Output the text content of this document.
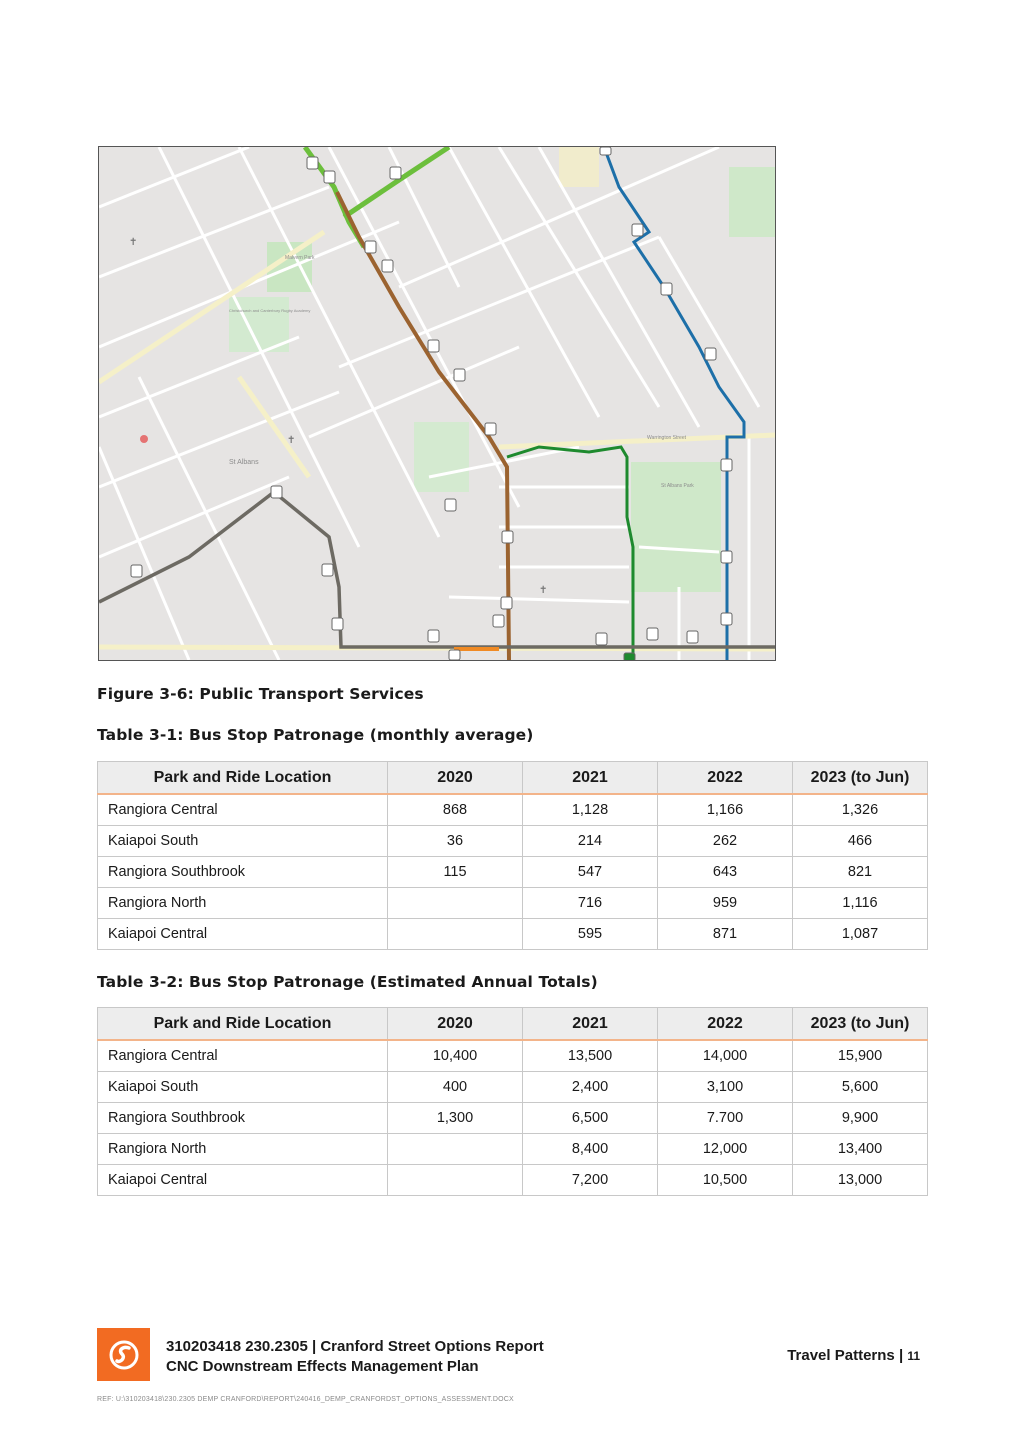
Malvern Park
Christchurch and Canterbury Rugby Academy
St Albans
St Albans Park
Warrington Street
✝
✝
✝
Figure 3-6: Public Transport Services
Table 3-1: Bus Stop Patronage (monthly average)
Park and Ride Location	2020	2021	2022	2023 (to Jun)
Rangiora Central	868	1,128	1,166	1,326
Kaiapoi South	36	214	262	466
Rangiora Southbrook	115	547	643	821
Rangiora North		716	959	1,116
Kaiapoi Central		595	871	1,087
Table 3-2: Bus Stop Patronage (Estimated Annual Totals)
Park and Ride Location	2020	2021	2022	2023 (to Jun)
Rangiora Central	10,400	13,500	14,000	15,900
Kaiapoi South	400	2,400	3,100	5,600
Rangiora Southbrook	1,300	6,500	7.700	9,900
Rangiora North		8,400	12,000	13,400
Kaiapoi Central		7,200	10,500	13,000
310203418 230.2305 | Cranford Street Options Report
CNC Downstream Effects Management Plan
Travel Patterns | 11
REF: U:\310203418\230.2305 DEMP CRANFORD\REPORT\240416_DEMP_CRANFORDST_OPTIONS_ASSESSMENT.DOCX
